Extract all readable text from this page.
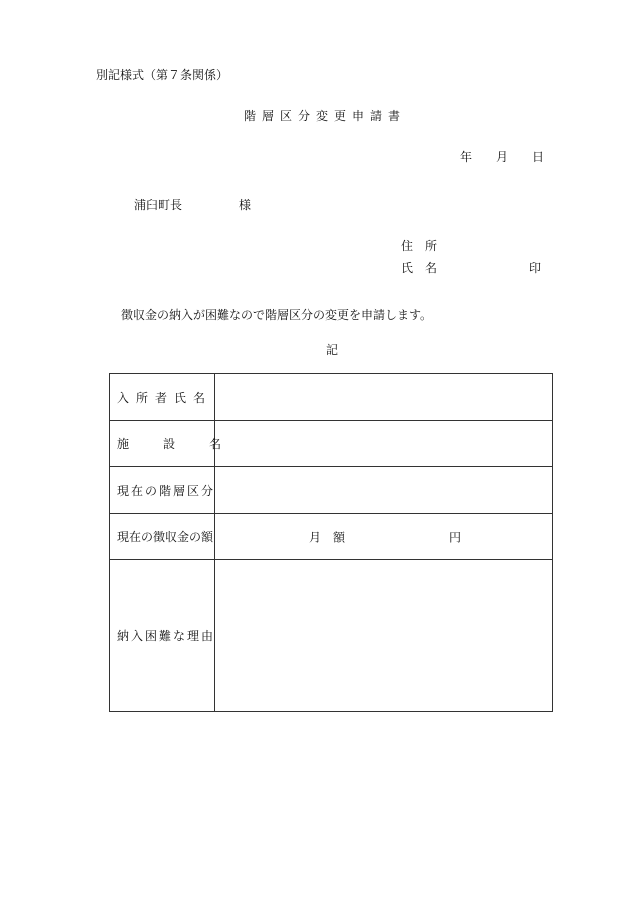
別記様式（第７条関係）
階層区分変更申請書
年 月 日
浦臼町長	様
住　所
氏　名	印
徴収金の納入が困難なので階層区分の変更を申請します。
記
入所者氏名	
施設名	
現在の階層区分	
現在の徴収金の額	月　額 円

納入困難な理由	
